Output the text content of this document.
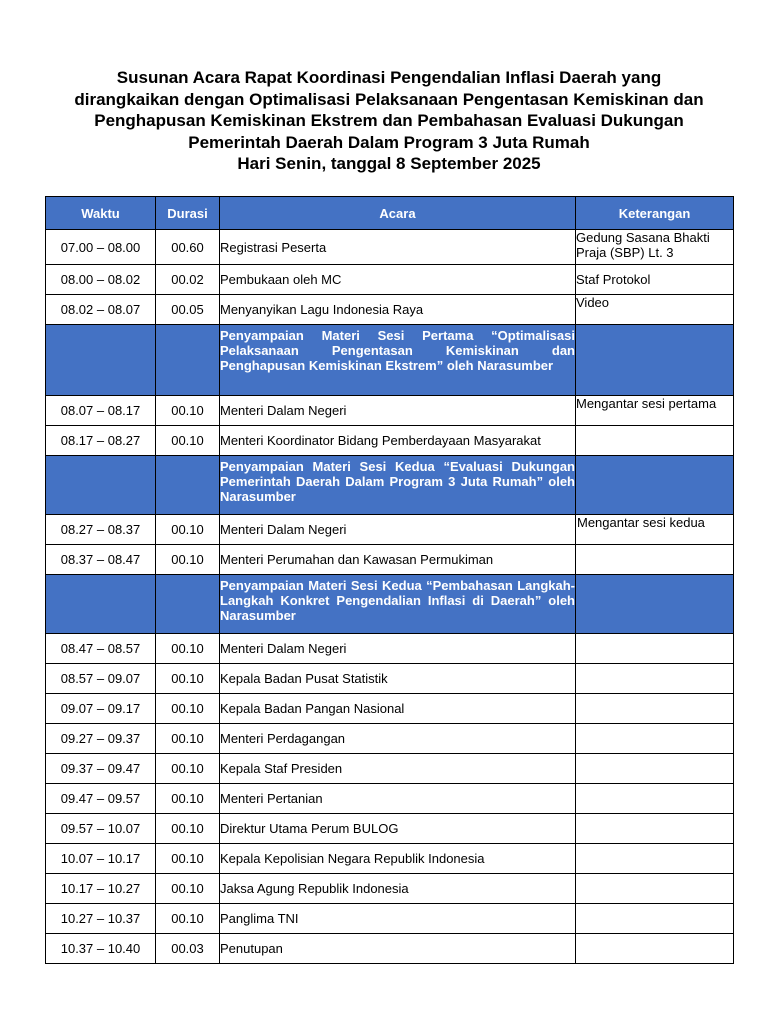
Susunan Acara Rapat Koordinasi Pengendalian Inflasi Daerah yang
dirangkaikan dengan Optimalisasi Pelaksanaan Pengentasan Kemiskinan dan
Penghapusan Kemiskinan Ekstrem dan Pembahasan Evaluasi Dukungan
Pemerintah Daerah Dalam Program 3 Juta Rumah
Hari Senin, tanggal 8 September 2025
Waktu	Durasi	Acara	Keterangan
07.00 – 08.00	00.60	Registrasi Peserta	Gedung Sasana Bhakti Praja (SBP) Lt. 3
08.00 – 08.02	00.02	Pembukaan oleh MC	Staf Protokol
08.02 – 08.07	00.05	Menyanyikan Lagu Indonesia Raya	Video
		Penyampaian Materi Sesi Pertama “Optimalisasi Pelaksanaan Pengentasan Kemiskinan dan Penghapusan Kemiskinan Ekstrem” oleh Narasumber	
08.07 – 08.17	00.10	Menteri Dalam Negeri	Mengantar sesi pertama
08.17 – 08.27	00.10	Menteri Koordinator Bidang Pemberdayaan Masyarakat	
		Penyampaian Materi Sesi Kedua “Evaluasi Dukungan Pemerintah Daerah Dalam Program 3 Juta Rumah” oleh Narasumber	
08.27 – 08.37	00.10	Menteri Dalam Negeri	Mengantar sesi kedua
08.37 – 08.47	00.10	Menteri Perumahan dan Kawasan Permukiman	
		Penyampaian Materi Sesi Kedua “Pembahasan Langkah- Langkah Konkret Pengendalian Inflasi di Daerah” oleh Narasumber	
08.47 – 08.57	00.10	Menteri Dalam Negeri	
08.57 – 09.07	00.10	Kepala Badan Pusat Statistik	
09.07 – 09.17	00.10	Kepala Badan Pangan Nasional	
09.27 – 09.37	00.10	Menteri Perdagangan	
09.37 – 09.47	00.10	Kepala Staf Presiden	
09.47 – 09.57	00.10	Menteri Pertanian	
09.57 – 10.07	00.10	Direktur Utama Perum BULOG	
10.07 – 10.17	00.10	Kepala Kepolisian Negara Republik Indonesia	
10.17 – 10.27	00.10	Jaksa Agung Republik Indonesia	
10.27 – 10.37	00.10	Panglima TNI	
10.37 – 10.40	00.03	Penutupan	
